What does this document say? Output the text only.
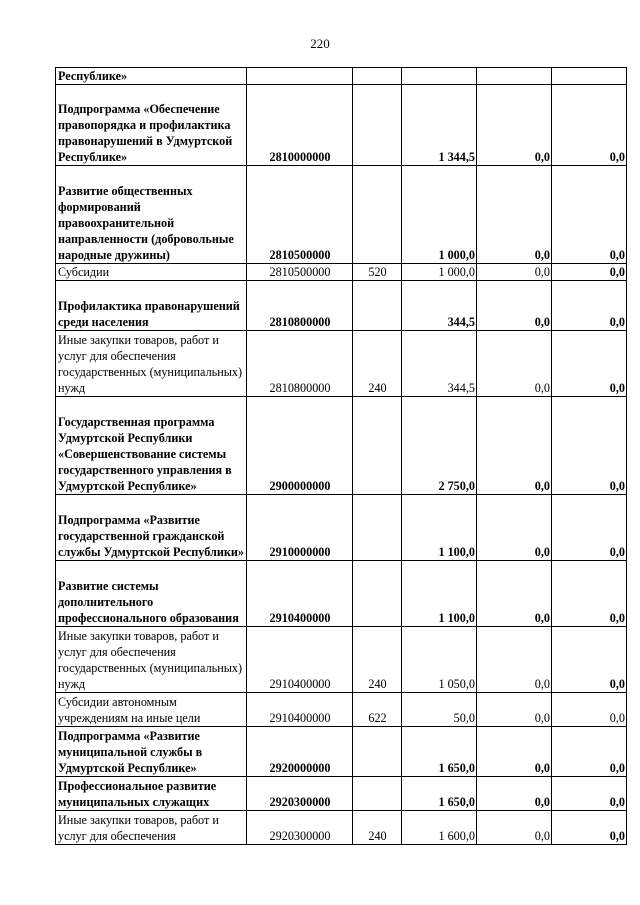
220
Республике»					
Подпрограмма «Обеспечение правопорядка и профилактика правонарушений в Удмуртской Республике»	2810000000		1 344,5	0,0	0,0
Развитие общественных формирований правоохранительной направленности (добровольные народные дружины)	2810500000		1 000,0	0,0	0,0
Субсидии	2810500000	520	1 000,0	0,0	0,0
Профилактика правонарушений среди населения	2810800000		344,5	0,0	0,0
Иные закупки товаров, работ и услуг для обеспечения государственных (муниципальных) нужд	2810800000	240	344,5	0,0	0,0
Государственная программа Удмуртской Республики «Совершенствование системы государственного управления в Удмуртской Республике»	2900000000		2 750,0	0,0	0,0
Подпрограмма «Развитие государственной гражданской службы Удмуртской Республики»	2910000000		1 100,0	0,0	0,0
Развитие системы дополнительного профессионального образования	2910400000		1 100,0	0,0	0,0
Иные закупки товаров, работ и услуг для обеспечения государственных (муниципальных) нужд	2910400000	240	1 050,0	0,0	0,0
Субсидии автономным учреждениям на иные цели	2910400000	622	50,0	0,0	0,0
Подпрограмма «Развитие муниципальной службы в Удмуртской Республике»	2920000000		1 650,0	0,0	0,0
Профессиональное развитие муниципальных служащих	2920300000		1 650,0	0,0	0,0
Иные закупки товаров, работ и услуг для обеспечения	2920300000	240	1 600,0	0,0	0,0
